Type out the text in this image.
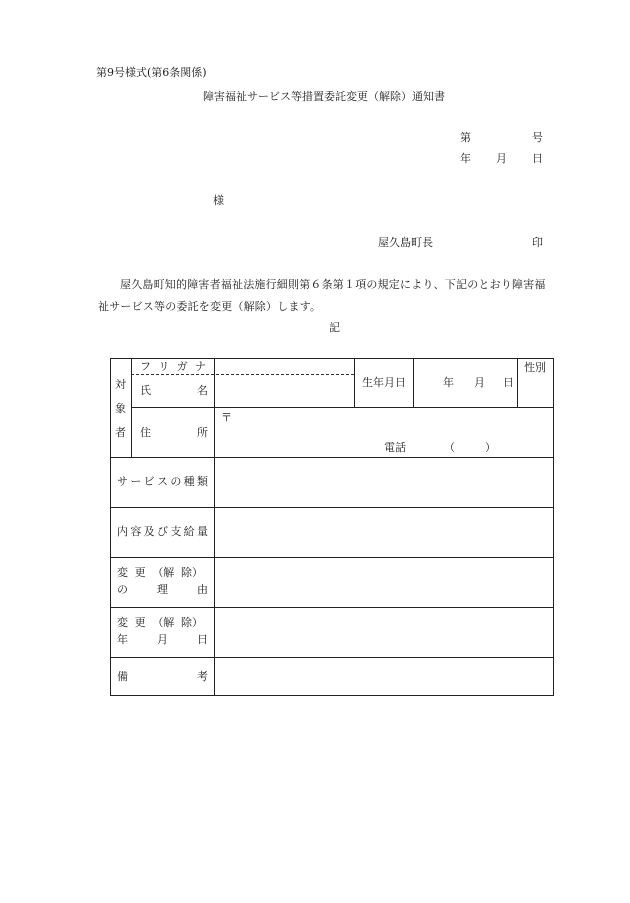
第9号様式(第6条関係)
障害福祉サービス等措置委託変更（解除）通知書
第	号
年 月 日
様
屋久島町長	印
屋久島町知的障害者福祉法施行細則第６条第１項の規定により、下記のとおり障害福
祉サービス等の委託を変更（解除）します。
記
対
象
者
フ リ ガ ナ
氏	名
生年月日	年 月 日
性別
住	所
〒
電話	（	）
サ ー ビ ス の 種 類
内 容 及 び 支 給 量
変 更 （解 除）
の	理	由
変 更 （解 除）
年	月	日
備	考
